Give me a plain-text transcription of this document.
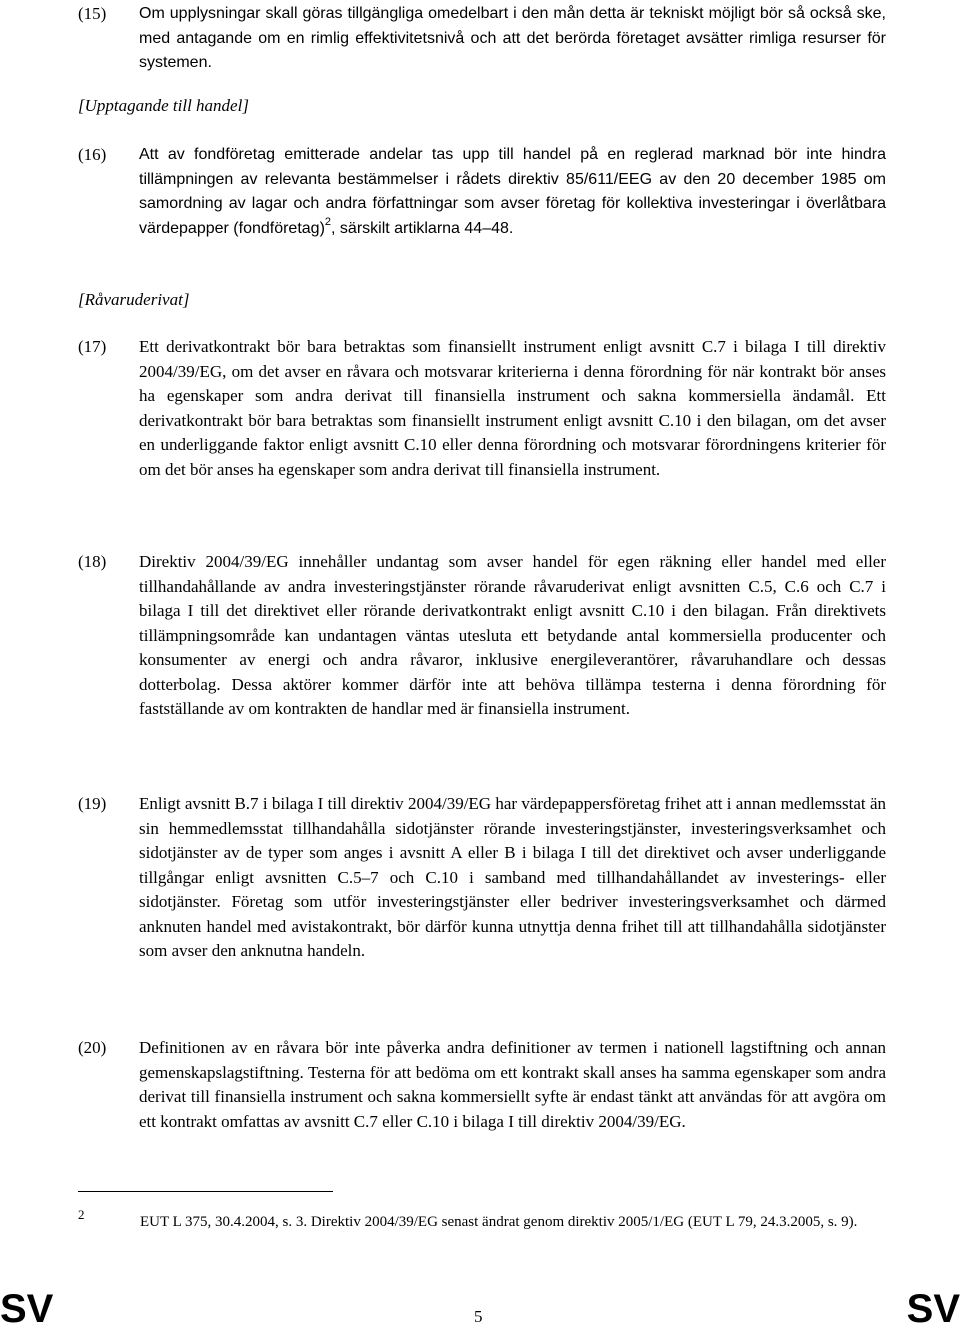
(15) Om upplysningar skall göras tillgängliga omedelbart i den mån detta är tekniskt möjligt bör så också ske, med antagande om en rimlig effektivitetsnivå och att det berörda företaget avsätter rimliga resurser för systemen.
[Upptagande till handel]
(16) Att av fondföretag emitterade andelar tas upp till handel på en reglerad marknad bör inte hindra tillämpningen av relevanta bestämmelser i rådets direktiv 85/611/EEG av den 20 december 1985 om samordning av lagar och andra författningar som avser företag för kollektiva investeringar i överlåtbara värdepapper (fondföretag)$^2$, särskilt artiklarna 44–48.
[Råvaruderivat]
(17) Ett derivatkontrakt bör bara betraktas som finansiellt instrument enligt avsnitt C.7 i bilaga I till direktiv 2004/39/EG, om det avser en råvara och motsvarar kriterierna i denna förordning för när kontrakt bör anses ha egenskaper som andra derivat till finansiella instrument och sakna kommersiella ändamål. Ett derivatkontrakt bör bara betraktas som finansiellt instrument enligt avsnitt C.10 i den bilagan, om det avser en underliggande faktor enligt avsnitt C.10 eller denna förordning och motsvarar förordningens kriterier för om det bör anses ha egenskaper som andra derivat till finansiella instrument.
(18) Direktiv 2004/39/EG innehåller undantag som avser handel för egen räkning eller handel med eller tillhandahållande av andra investeringstjänster rörande råvaruderivat enligt avsnitten C.5, C.6 och C.7 i bilaga I till det direktivet eller rörande derivatkontrakt enligt avsnitt C.10 i den bilagan. Från direktivets tillämpningsområde kan undantagen väntas utesluta ett betydande antal kommersiella producenter och konsumenter av energi och andra råvaror, inklusive energileverantörer, råvaruhandlare och dessas dotterbolag. Dessa aktörer kommer därför inte att behöva tillämpa testerna i denna förordning för fastställande av om kontrakten de handlar med är finansiella instrument.
(19) Enligt avsnitt B.7 i bilaga I till direktiv 2004/39/EG har värdepappersföretag frihet att i annan medlemsstat än sin hemmedlemsstat tillhandahålla sidotjänster rörande investeringstjänster, investeringsverksamhet och sidotjänster av de typer som anges i avsnitt A eller B i bilaga I till det direktivet och avser underliggande tillgångar enligt avsnitten C.5–7 och C.10 i samband med tillhandahållandet av investerings- eller sidotjänster. Företag som utför investeringstjänster eller bedriver investeringsverksamhet och därmed anknuten handel med avistakontrakt, bör därför kunna utnyttja denna frihet till att tillhandahålla sidotjänster som avser den anknutna handeln.
(20) Definitionen av en råvara bör inte påverka andra definitioner av termen i nationell lagstiftning och annan gemenskapslagstiftning. Testerna för att bedöma om ett kontrakt skall anses ha samma egenskaper som andra derivat till finansiella instrument och sakna kommersiellt syfte är endast tänkt att användas för att avgöra om ett kontrakt omfattas av avsnitt C.7 eller C.10 i bilaga I till direktiv 2004/39/EG.
2	EUT L 375, 30.4.2004, s. 3. Direktiv 2004/39/EG senast ändrat genom direktiv 2005/1/EG (EUT L 79, 24.3.2005, s. 9).
SV	5	SV
